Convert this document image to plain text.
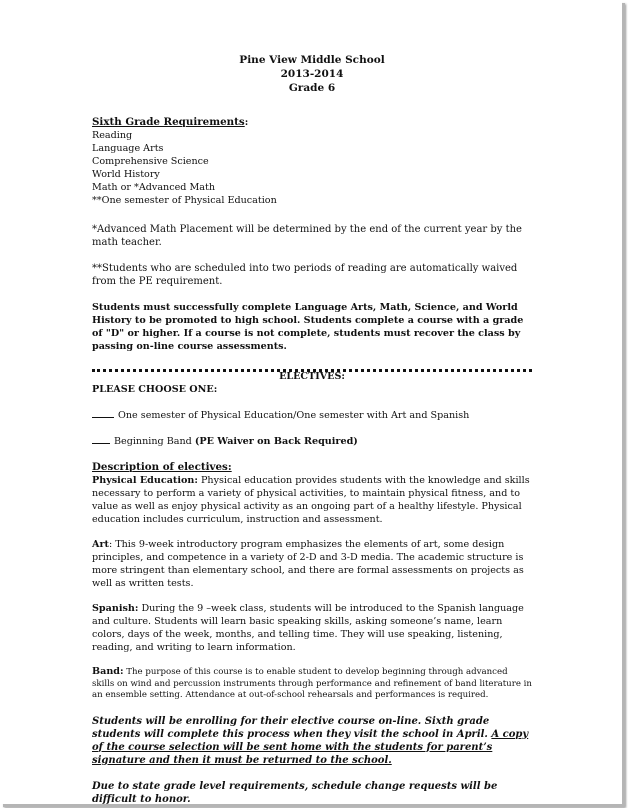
Pine View Middle School
2013-2014
Grade 6
Sixth Grade Requirements:
Reading
Language Arts
Comprehensive Science
World History
Math or *Advanced Math
**One semester of Physical Education

*Advanced Math Placement will be determined by the end of the current year by the math teacher.

**Students who are scheduled into two periods of reading are automatically waived from the PE requirement.

Students must successfully complete Language Arts, Math, Science, and World History to be promoted to high school. Students complete a course with a grade of "D" or higher. If a course is not complete, students must recover the class by passing on-line course assessments.

ELECTIVES:
PLEASE CHOOSE ONE:
One semester of Physical Education/One semester with Art and Spanish
Beginning Band (PE Waiver on Back Required)
Description of electives:

Physical Education: Physical education provides students with the knowledge and skills necessary to perform a variety of physical activities, to maintain physical fitness, and to value as well as enjoy physical activity as an ongoing part of a healthy lifestyle. Physical education includes curriculum, instruction and assessment.

Art: This 9-week introductory program emphasizes the elements of art, some design principles, and competence in a variety of 2-D and 3-D media. The academic structure is more stringent than elementary school, and there are formal assessments on projects as well as written tests.

Spanish: During the 9 –week class, students will be introduced to the Spanish language and culture. Students will learn basic speaking skills, asking someone’s name, learn colors, days of the week, months, and telling time. They will use speaking, listening, reading, and writing to learn information.

Band: The purpose of this course is to enable student to develop beginning through advanced skills on wind and percussion instruments through performance and refinement of band literature in an ensemble setting. Attendance at out-of-school rehearsals and performances is required.

Students will be enrolling for their elective course on-line. Sixth grade students will complete this process when they visit the school in April. A copy of the course selection will be sent home with the students for parent’s signature and then it must be returned to the school.

Due to state grade level requirements, schedule change requests will be difficult to honor.
